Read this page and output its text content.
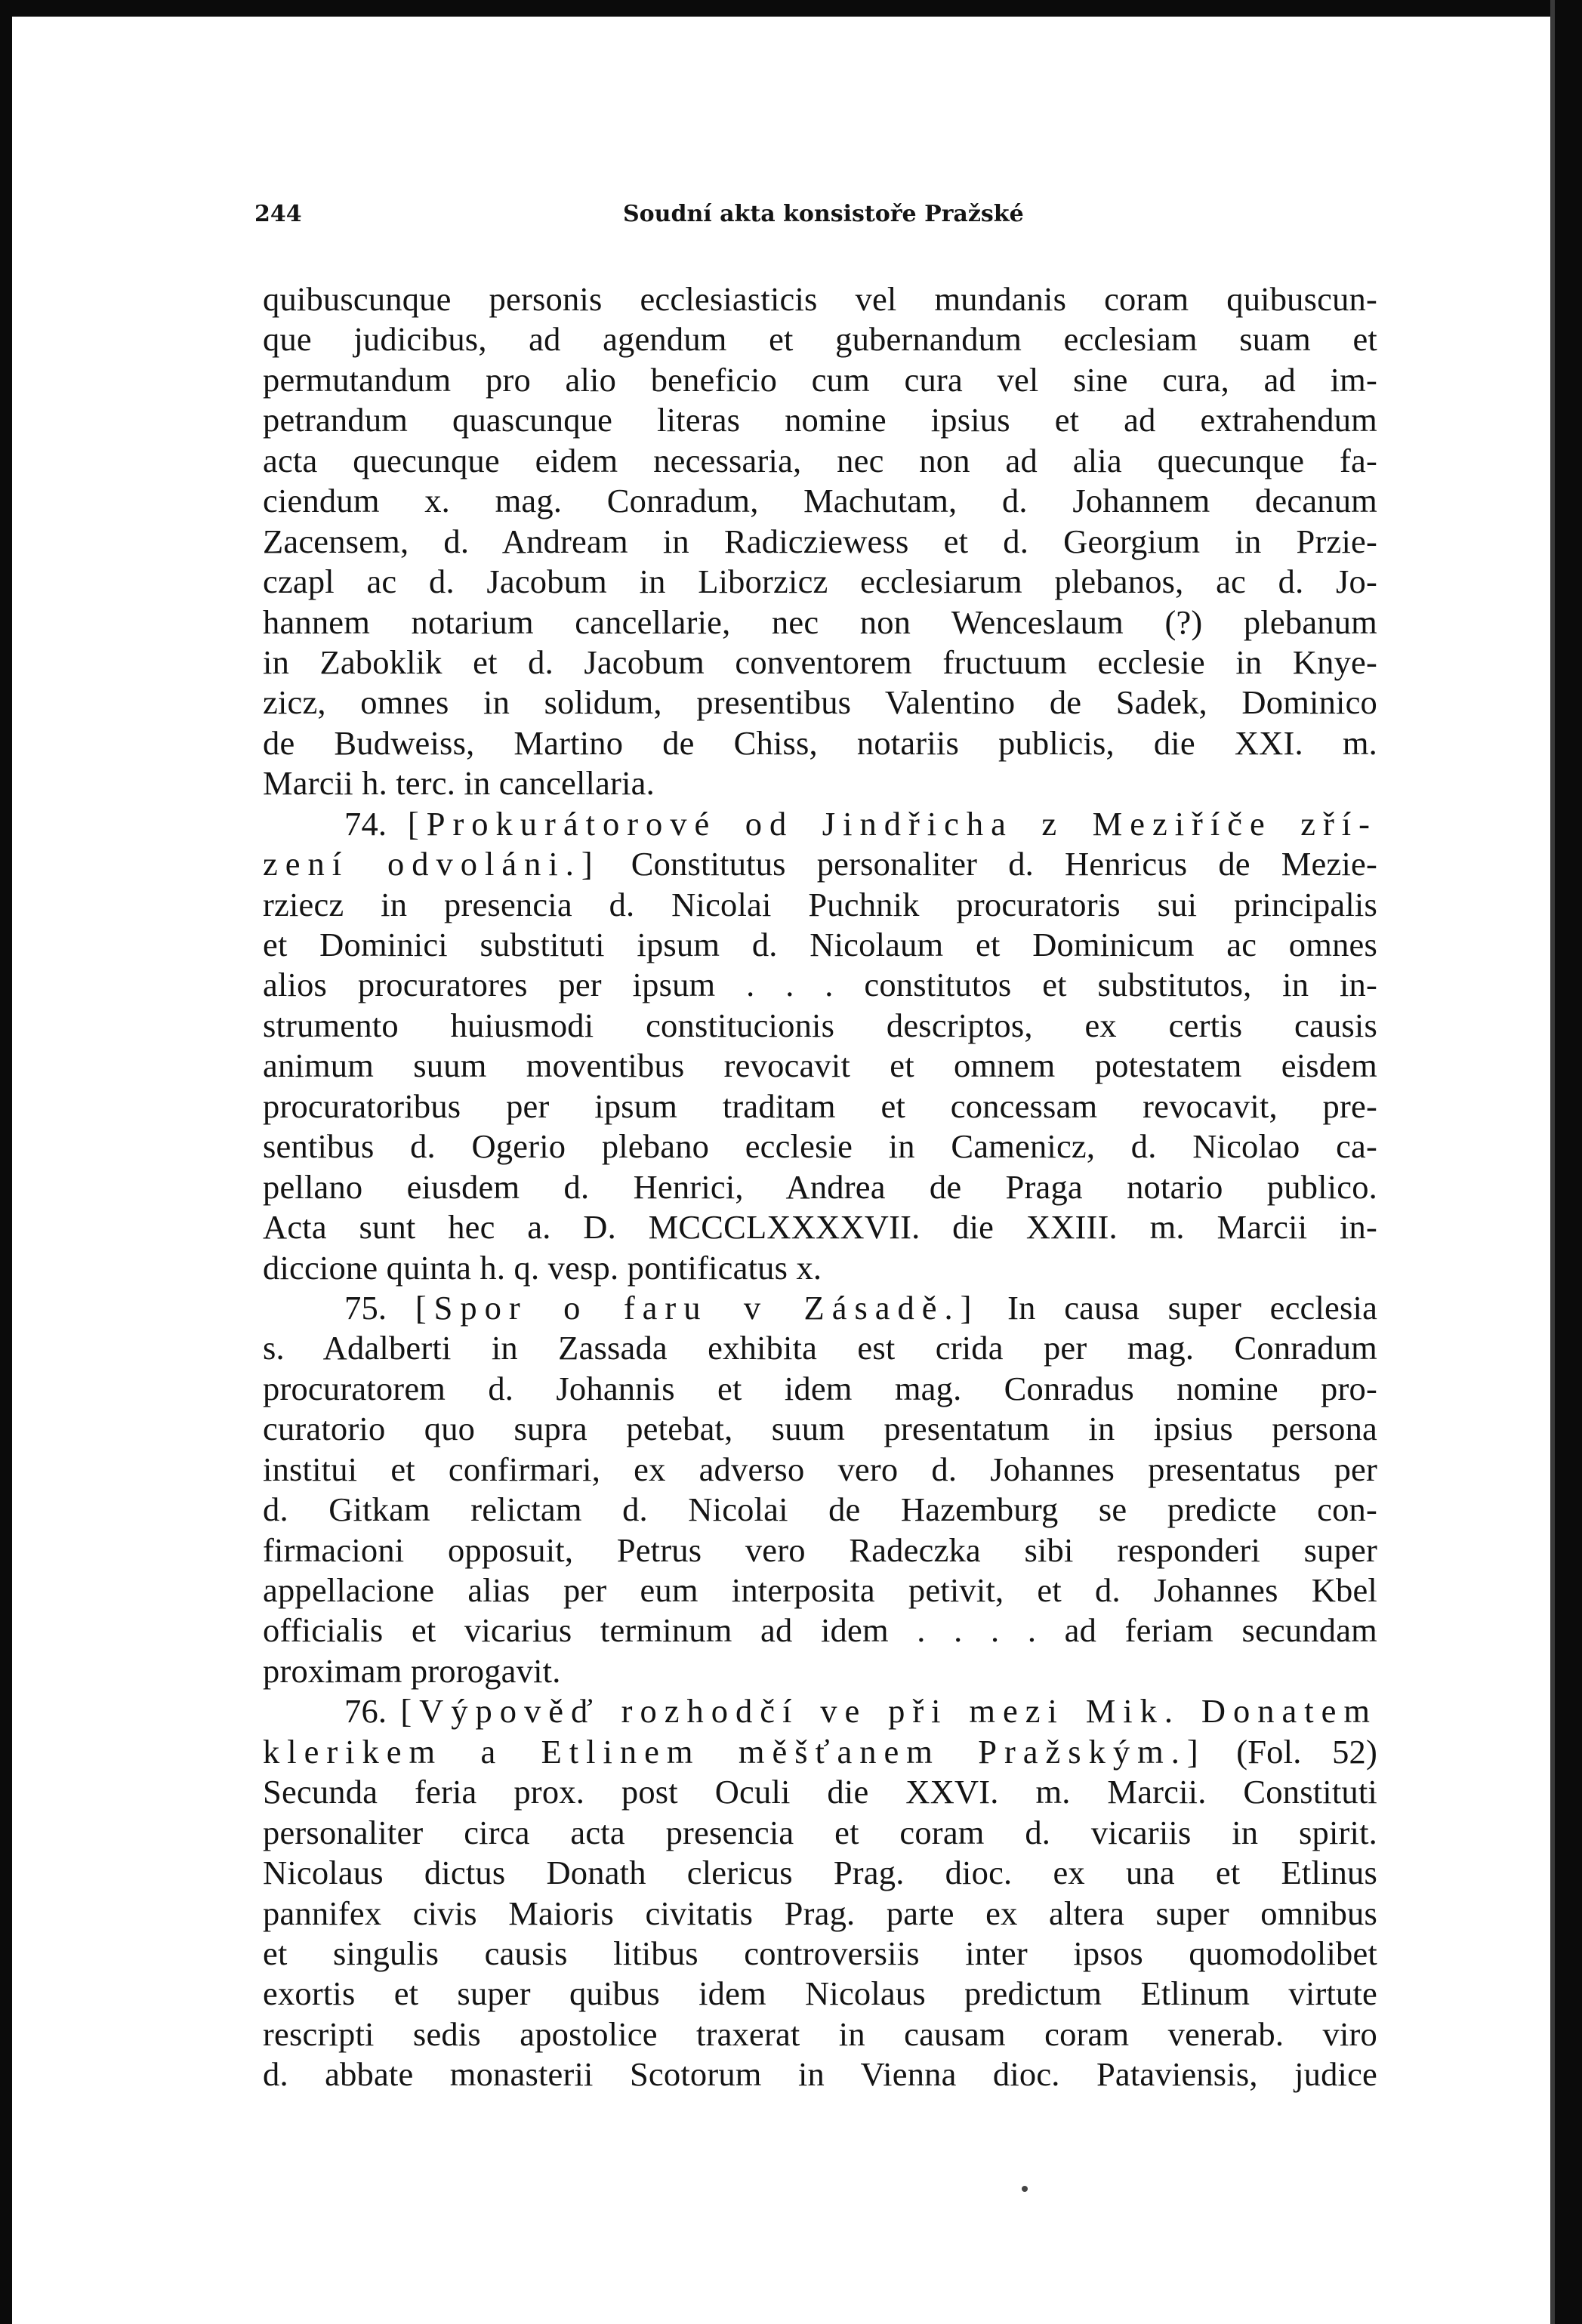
244	Soudní akta konsistoře Pražské
quibuscunque personis ecclesiasticis vel mundanis coram quibuscun-
que judicibus, ad agendum et gubernandum ecclesiam suam et
permutandum pro alio beneficio cum cura vel sine cura, ad im-
petrandum quascunque literas nomine ipsius et ad extrahendum
acta quecunque eidem necessaria, nec non ad alia quecunque fa-
ciendum x. mag. Conradum, Machutam, d. Johannem decanum
Zacensem, d. Andream in Radicziewess et d. Georgium in Przie-
czapl ac d. Jacobum in Liborzicz ecclesiarum plebanos, ac d. Jo-
hannem notarium cancellarie, nec non Wenceslaum (?) plebanum
in Zaboklik et d. Jacobum conventorem fructuum ecclesie in Knye-
zicz, omnes in solidum, presentibus Valentino de Sadek, Dominico
de Budweiss, Martino de Chiss, notariis publicis, die XXI. m.
Marcii h. terc. in cancellaria.
74. [Prokurátorové od Jindřicha z Meziříče zří-
zení odvoláni.] Constitutus personaliter d. Henricus de Mezie-
rziecz in presencia d. Nicolai Puchnik procuratoris sui principalis
et Dominici substituti ipsum d. Nicolaum et Dominicum ac omnes
alios procuratores per ipsum . . . constitutos et substitutos, in in-
strumento huiusmodi constitucionis descriptos, ex certis causis
animum suum moventibus revocavit et omnem potestatem eisdem
procuratoribus per ipsum traditam et concessam revocavit, pre-
sentibus d. Ogerio plebano ecclesie in Camenicz, d. Nicolao ca-
pellano eiusdem d. Henrici, Andrea de Praga notario publico.
Acta sunt hec a. D. MCCCLXXXXVII. die XXIII. m. Marcii in-
diccione quinta h. q. vesp. pontificatus x.
75. [Spor o faru v Zásadě.] In causa super ecclesia
s. Adalberti in Zassada exhibita est crida per mag. Conradum
procuratorem d. Johannis et idem mag. Conradus nomine pro-
curatorio quo supra petebat, suum presentatum in ipsius persona
institui et confirmari, ex adverso vero d. Johannes presentatus per
d. Gitkam relictam d. Nicolai de Hazemburg se predicte con-
firmacioni opposuit, Petrus vero Radeczka sibi responderi super
appellacione alias per eum interposita petivit, et d. Johannes Kbel
officialis et vicarius terminum ad idem . . . . ad feriam secundam
proximam prorogavit.
76. [Výpověď rozhodčí ve při mezi Mik. Donatem
klerikem a Etlinem měšťanem Pražským.] (Fol. 52)
Secunda feria prox. post Oculi die XXVI. m. Marcii. Constituti
personaliter circa acta presencia et coram d. vicariis in spirit.
Nicolaus dictus Donath clericus Prag. dioc. ex una et Etlinus
pannifex civis Maioris civitatis Prag. parte ex altera super omnibus
et singulis causis litibus controversiis inter ipsos quomodolibet
exortis et super quibus idem Nicolaus predictum Etlinum virtute
rescripti sedis apostolice traxerat in causam coram venerab. viro
d. abbate monasterii Scotorum in Vienna dioc. Pataviensis, judice
